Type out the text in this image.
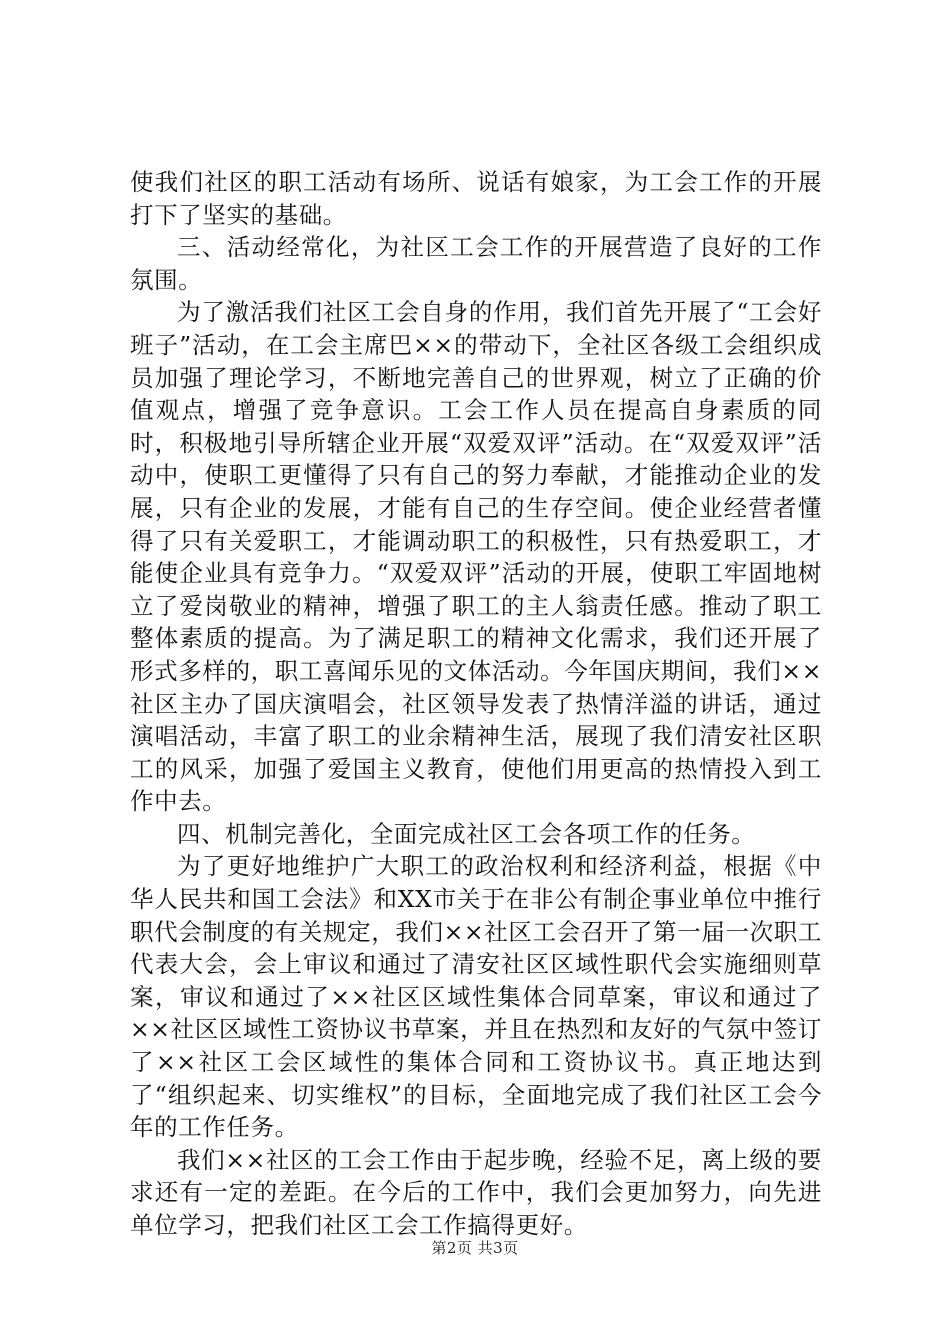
使我们社区的职工活动有场所、说话有娘家，为工会工作的开展打下了坚实的基础。

三、活动经常化，为社区工会工作的开展营造了良好的工作氛围。

为了激活我们社区工会自身的作用，我们首先开展了“工会好班子”活动，在工会主席巴××的带动下，全社区各级工会组织成员加强了理论学习，不断地完善自己的世界观，树立了正确的价值观点，增强了竞争意识。工会工作人员在提高自身素质的同时，积极地引导所辖企业开展“双爱双评”活动。在“双爱双评”活动中，使职工更懂得了只有自己的努力奉献，才能推动企业的发展，只有企业的发展，才能有自己的生存空间。使企业经营者懂得了只有关爱职工，才能调动职工的积极性，只有热爱职工，才能使企业具有竞争力。“双爱双评”活动的开展，使职工牢固地树立了爱岗敬业的精神，增强了职工的主人翁责任感。推动了职工整体素质的提高。为了满足职工的精神文化需求，我们还开展了形式多样的，职工喜闻乐见的文体活动。今年国庆期间，我们××社区主办了国庆演唱会，社区领导发表了热情洋溢的讲话，通过演唱活动，丰富了职工的业余精神生活，展现了我们清安社区职工的风采，加强了爱国主义教育，使他们用更高的热情投入到工作中去。

四、机制完善化，全面完成社区工会各项工作的任务。

为了更好地维护广大职工的政治权利和经济利益，根据《中华人民共和国工会法》和XX市关于在非公有制企事业单位中推行职代会制度的有关规定，我们××社区工会召开了第一届一次职工代表大会，会上审议和通过了清安社区区域性职代会实施细则草案，审议和通过了××社区区域性集体合同草案，审议和通过了××社区区域性工资协议书草案，并且在热烈和友好的气氛中签订了××社区工会区域性的集体合同和工资协议书。真正地达到了“组织起来、切实维权”的目标，全面地完成了我们社区工会今年的工作任务。

我们××社区的工会工作由于起步晚，经验不足，离上级的要求还有一定的差距。在今后的工作中，我们会更加努力，向先进单位学习，把我们社区工会工作搞得更好。

第2页 共3页
